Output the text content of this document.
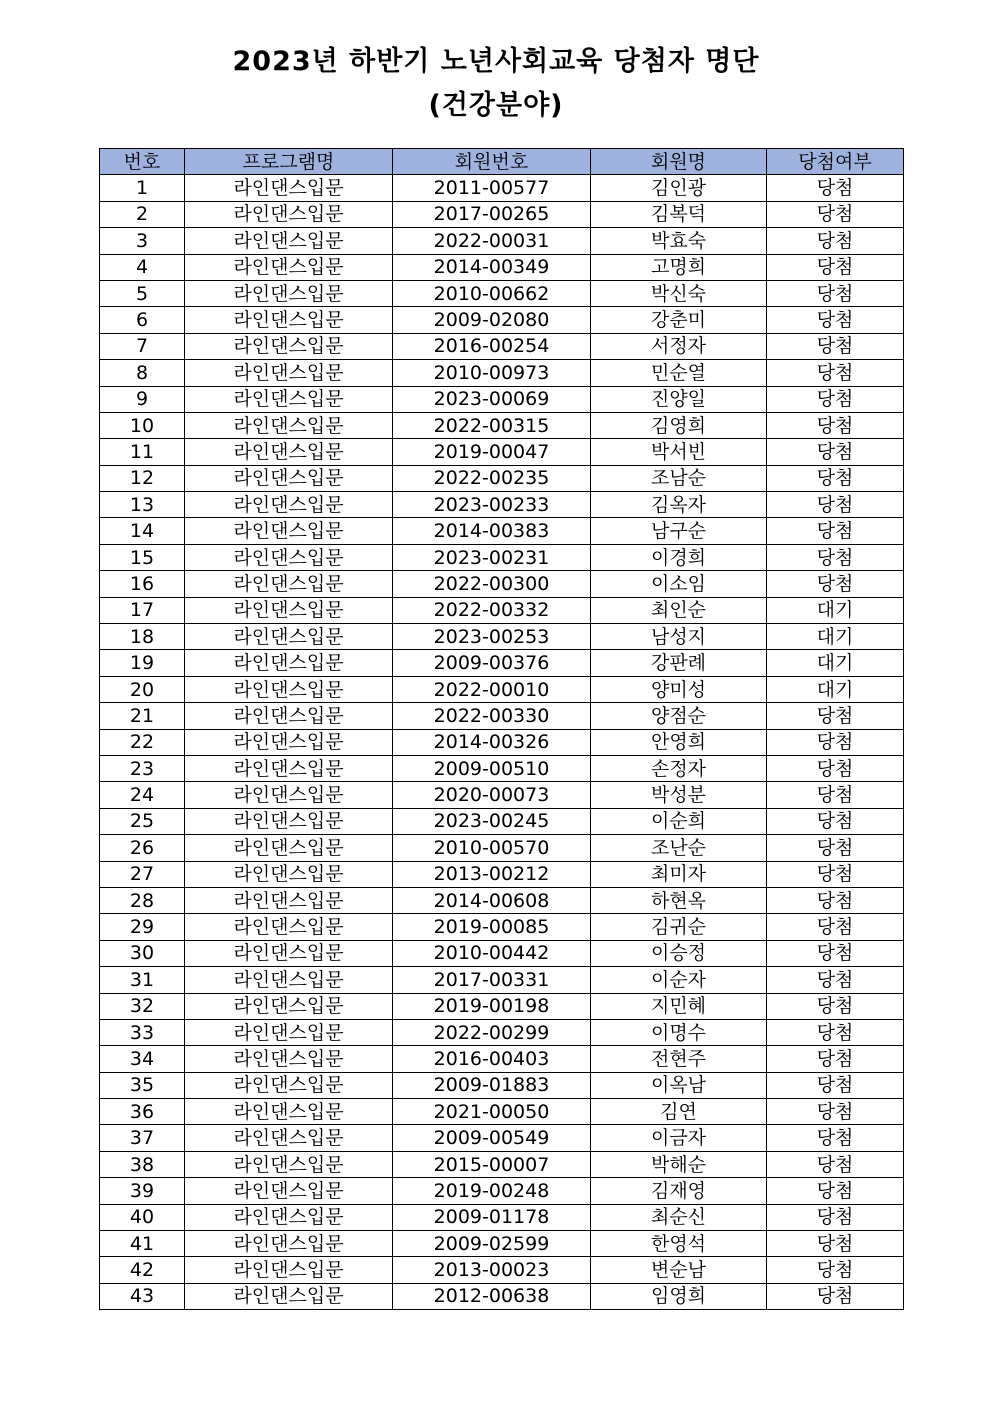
2023년 하반기 노년사회교육 당첨자 명단
(건강분야)
번호	프로그램명	회원번호	회원명	당첨여부
1	라인댄스입문	2011-00577	김인광	당첨
2	라인댄스입문	2017-00265	김복덕	당첨
3	라인댄스입문	2022-00031	박효숙	당첨
4	라인댄스입문	2014-00349	고명희	당첨
5	라인댄스입문	2010-00662	박신숙	당첨
6	라인댄스입문	2009-02080	강춘미	당첨
7	라인댄스입문	2016-00254	서정자	당첨
8	라인댄스입문	2010-00973	민순열	당첨
9	라인댄스입문	2023-00069	진양일	당첨
10	라인댄스입문	2022-00315	김영희	당첨
11	라인댄스입문	2019-00047	박서빈	당첨
12	라인댄스입문	2022-00235	조남순	당첨
13	라인댄스입문	2023-00233	김옥자	당첨
14	라인댄스입문	2014-00383	남구순	당첨
15	라인댄스입문	2023-00231	이경희	당첨
16	라인댄스입문	2022-00300	이소임	당첨
17	라인댄스입문	2022-00332	최인순	대기
18	라인댄스입문	2023-00253	남성지	대기
19	라인댄스입문	2009-00376	강판례	대기
20	라인댄스입문	2022-00010	양미성	대기
21	라인댄스입문	2022-00330	양점순	당첨
22	라인댄스입문	2014-00326	안영희	당첨
23	라인댄스입문	2009-00510	손정자	당첨
24	라인댄스입문	2020-00073	박성분	당첨
25	라인댄스입문	2023-00245	이순희	당첨
26	라인댄스입문	2010-00570	조난순	당첨
27	라인댄스입문	2013-00212	최미자	당첨
28	라인댄스입문	2014-00608	하현옥	당첨
29	라인댄스입문	2019-00085	김귀순	당첨
30	라인댄스입문	2010-00442	이승정	당첨
31	라인댄스입문	2017-00331	이순자	당첨
32	라인댄스입문	2019-00198	지민혜	당첨
33	라인댄스입문	2022-00299	이명수	당첨
34	라인댄스입문	2016-00403	전현주	당첨
35	라인댄스입문	2009-01883	이옥남	당첨
36	라인댄스입문	2021-00050	김연	당첨
37	라인댄스입문	2009-00549	이금자	당첨
38	라인댄스입문	2015-00007	박해순	당첨
39	라인댄스입문	2019-00248	김재영	당첨
40	라인댄스입문	2009-01178	최순신	당첨
41	라인댄스입문	2009-02599	한영석	당첨
42	라인댄스입문	2013-00023	변순남	당첨
43	라인댄스입문	2012-00638	임영희	당첨
